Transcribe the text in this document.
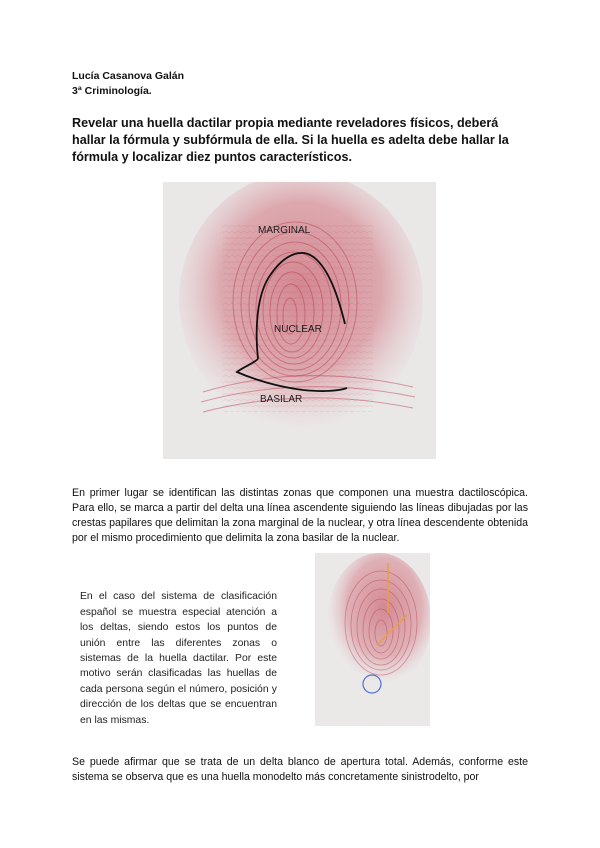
Lucía Casanova Galán
3ª Criminología.
Revelar una huella dactilar propia mediante reveladores físicos, deberá hallar la fórmula y subfórmula de ella. Si la huella es adelta debe hallar la fórmula y localizar diez puntos característicos.
MARGINAL
NUCLEAR
BASILAR

En primer lugar se identifican las distintas zonas que componen una muestra dactiloscópica. Para ello, se marca a partir del delta una línea ascendente siguiendo las líneas dibujadas por las crestas papilares que delimitan la zona marginal de la nuclear, y otra línea descendente obtenida por el mismo procedimiento que delimita la zona basilar de la nuclear.

En el caso del sistema de clasificación español se muestra especial atención a los deltas, siendo estos los puntos de unión entre las diferentes zonas o sistemas de la huella dactilar. Por este motivo serán clasificadas las huellas de cada persona según el número, posición y dirección de los deltas que se encuentran en las mismas.

Se puede afirmar que se trata de un delta blanco de apertura total. Además, conforme este sistema se observa que es una huella monodelto más concretamente sinistrodelto, por
